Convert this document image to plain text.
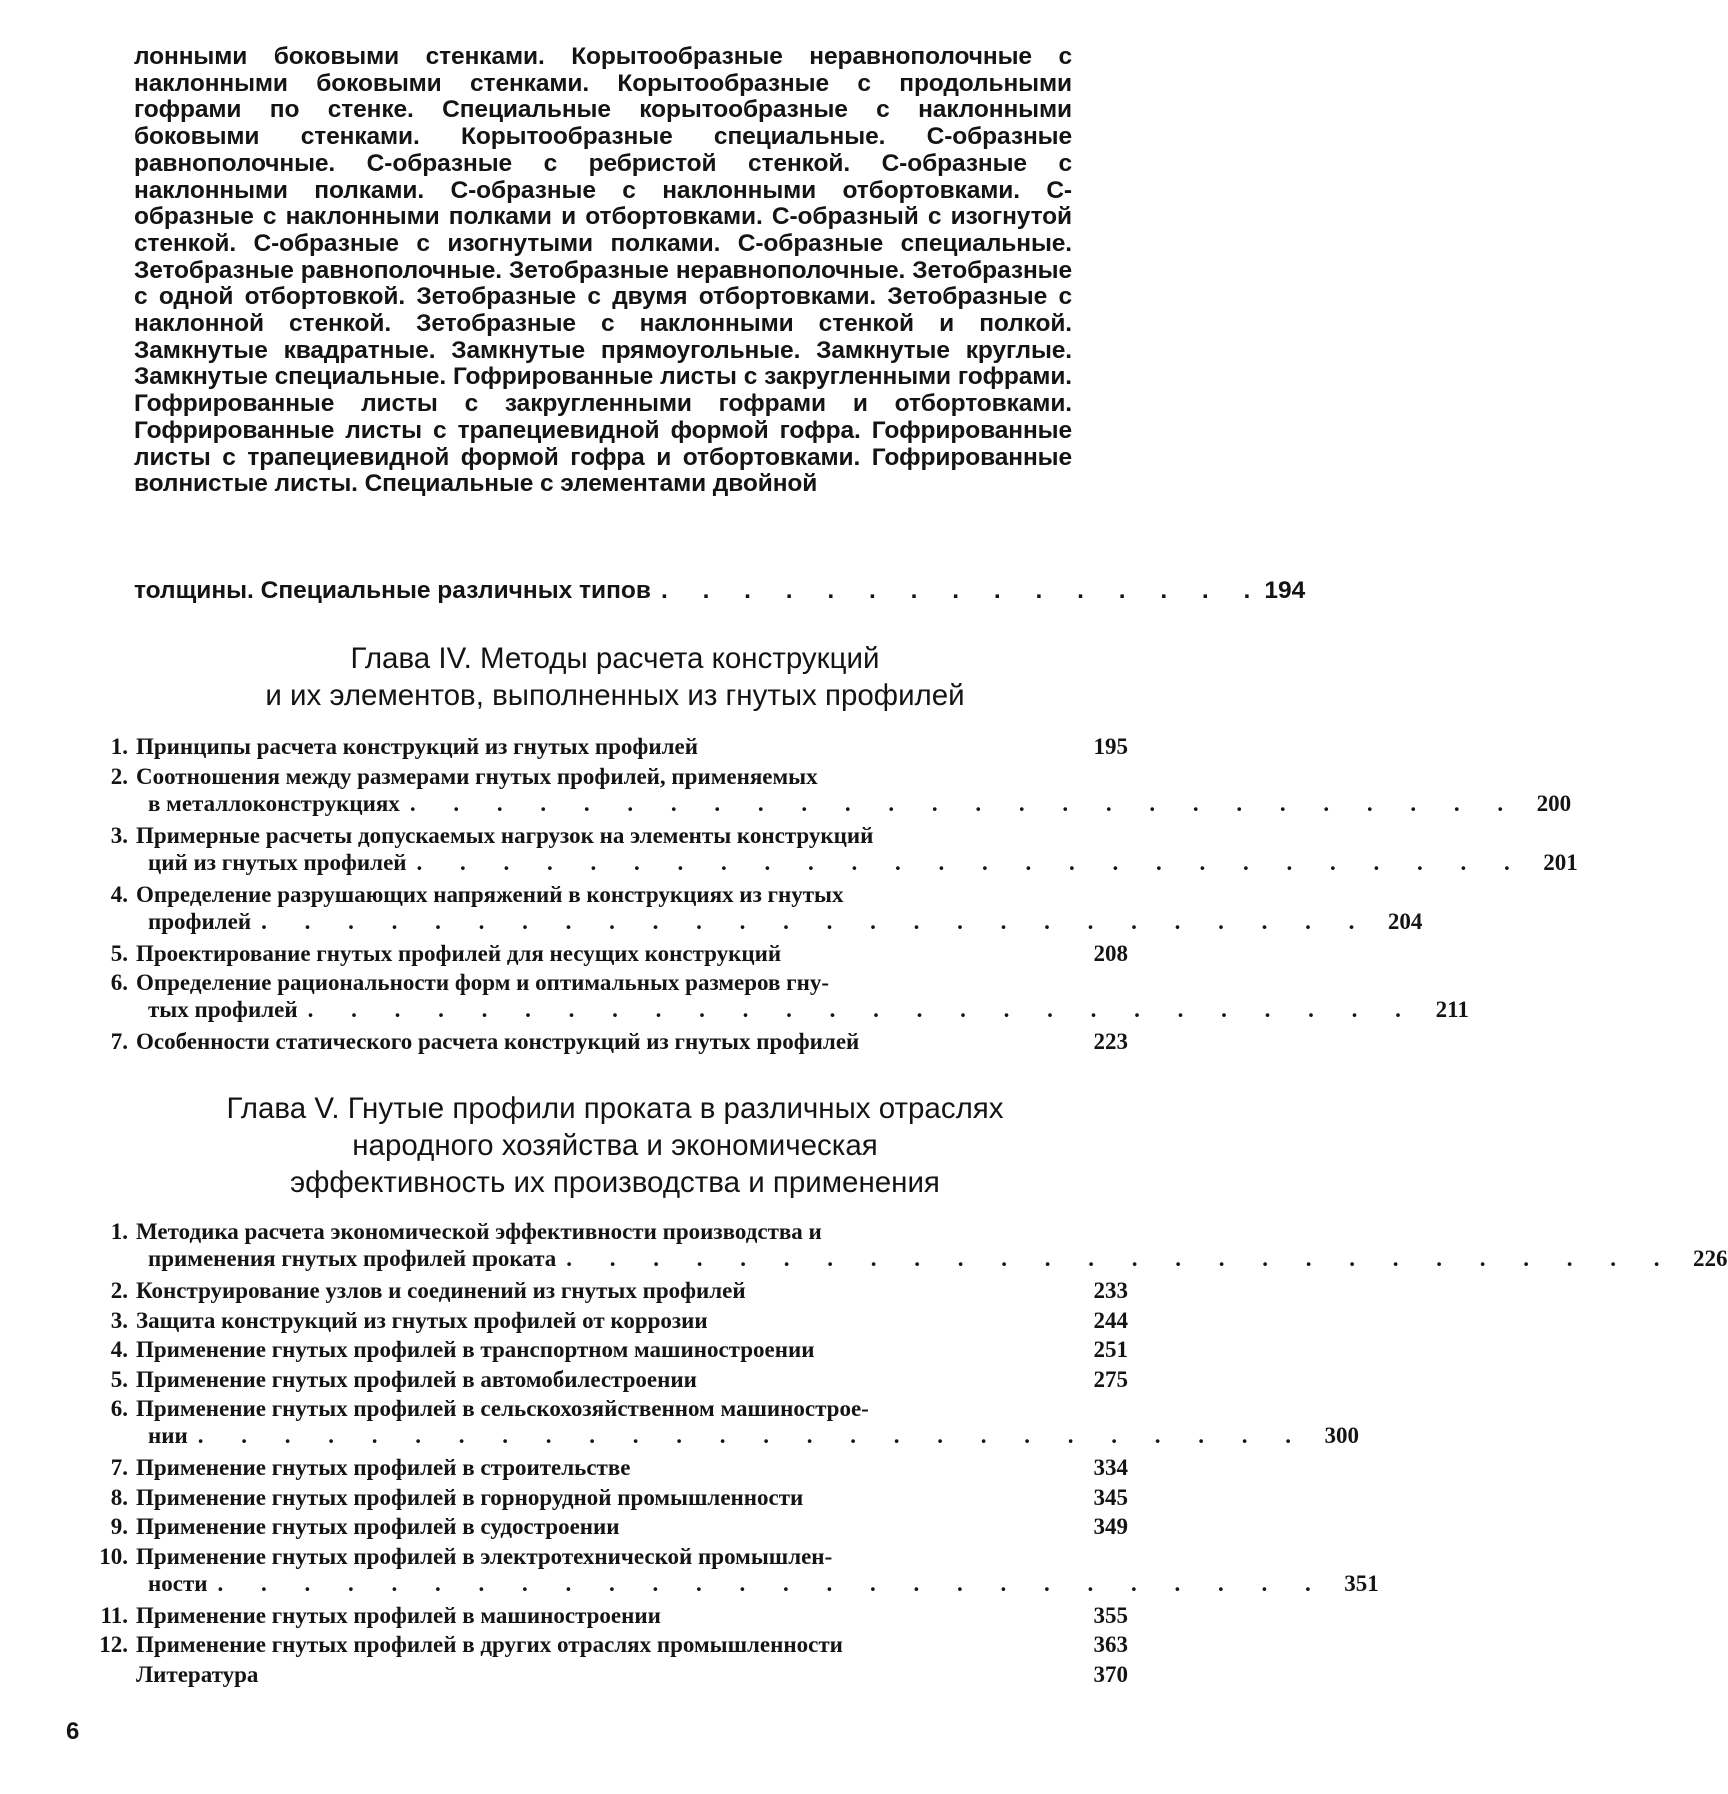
лонными боковыми стенками. Корытообразные неравнополочные с наклонными боковыми стенками. Корытообразные с продольными гофрами по стенке. Специальные корытообразные с наклонными боковыми стенками. Корытообразные специальные. С-образные равнополочные. С-образные с ребристой стенкой. С-образные с наклонными полками. С-образные с наклонными отбортовками. С-образные с наклонными полками и отбортовками. С-образный с изогнутой стенкой. С-образные с изогнутыми полками. С-образные специальные. Зетобразные равнополочные. Зетобразные неравнополочные. Зетобразные с одной отбортовкой. Зетобразные с двумя отбортовками. Зетобразные с наклонной стенкой. Зетобразные с наклонными стенкой и полкой. Замкнутые квадратные. Замкнутые прямоугольные. Замкнутые круглые. Замкнутые специальные. Гофрированные листы с закругленными гофрами. Гофрированные листы с закругленными гофрами и отбортовками. Гофрированные листы с трапециевидной формой гофра. Гофрированные листы с трапециевидной формой гофра и отбортовками. Гофрированные волнистые листы. Специальные с элементами двойной
толщины. Специальные различных типов . . . . . . . . . . . . . . . 194
Глава IV. Методы расчета конструкций
и их элементов, выполненных из гнутых профилей
1. Принципы расчета конструкций из гнутых профилей	195
2. Соотношения между размерами гнутых профилей, применяемых
в металлоконструкциях . . . . . . . . . . . . . . . . . . . . . . . . . . 200
3. Примерные расчеты допускаемых нагрузок на элементы конструкций
ций из гнутых профилей . . . . . . . . . . . . . . . . . . . . . . . . . . 201
4. Определение разрушающих напряжений в конструкциях из гнутых
профилей . . . . . . . . . . . . . . . . . . . . . . . . . . 204
5. Проектирование гнутых профилей для несущих конструкций	208
6. Определение рациональности форм и оптимальных размеров гну-
тых профилей . . . . . . . . . . . . . . . . . . . . . . . . . . 211
7. Особенности статического расчета конструкций из гнутых профилей	223
Глава V. Гнутые профили проката в различных отраслях
народного хозяйства и экономическая
эффективность их производства и применения
1. Методика расчета экономической эффективности производства и
применения гнутых профилей проката . . . . . . . . . . . . . . . . . . . . . . . . . . 226
2. Конструирование узлов и соединений из гнутых профилей	233
3. Защита конструкций из гнутых профилей от коррозии	244
4. Применение гнутых профилей в транспортном машиностроении	251
5. Применение гнутых профилей в автомобилестроении	275
6. Применение гнутых профилей в сельскохозяйственном машинострое-
нии . . . . . . . . . . . . . . . . . . . . . . . . . . 300
7. Применение гнутых профилей в строительстве	334
8. Применение гнутых профилей в горнорудной промышленности	345
9. Применение гнутых профилей в судостроении	349
10. Применение гнутых профилей в электротехнической промышлен-
ности . . . . . . . . . . . . . . . . . . . . . . . . . . 351
11. Применение гнутых профилей в машиностроении	355
12. Применение гнутых профилей в других отраслях промышленности	363
Литература	370
6
